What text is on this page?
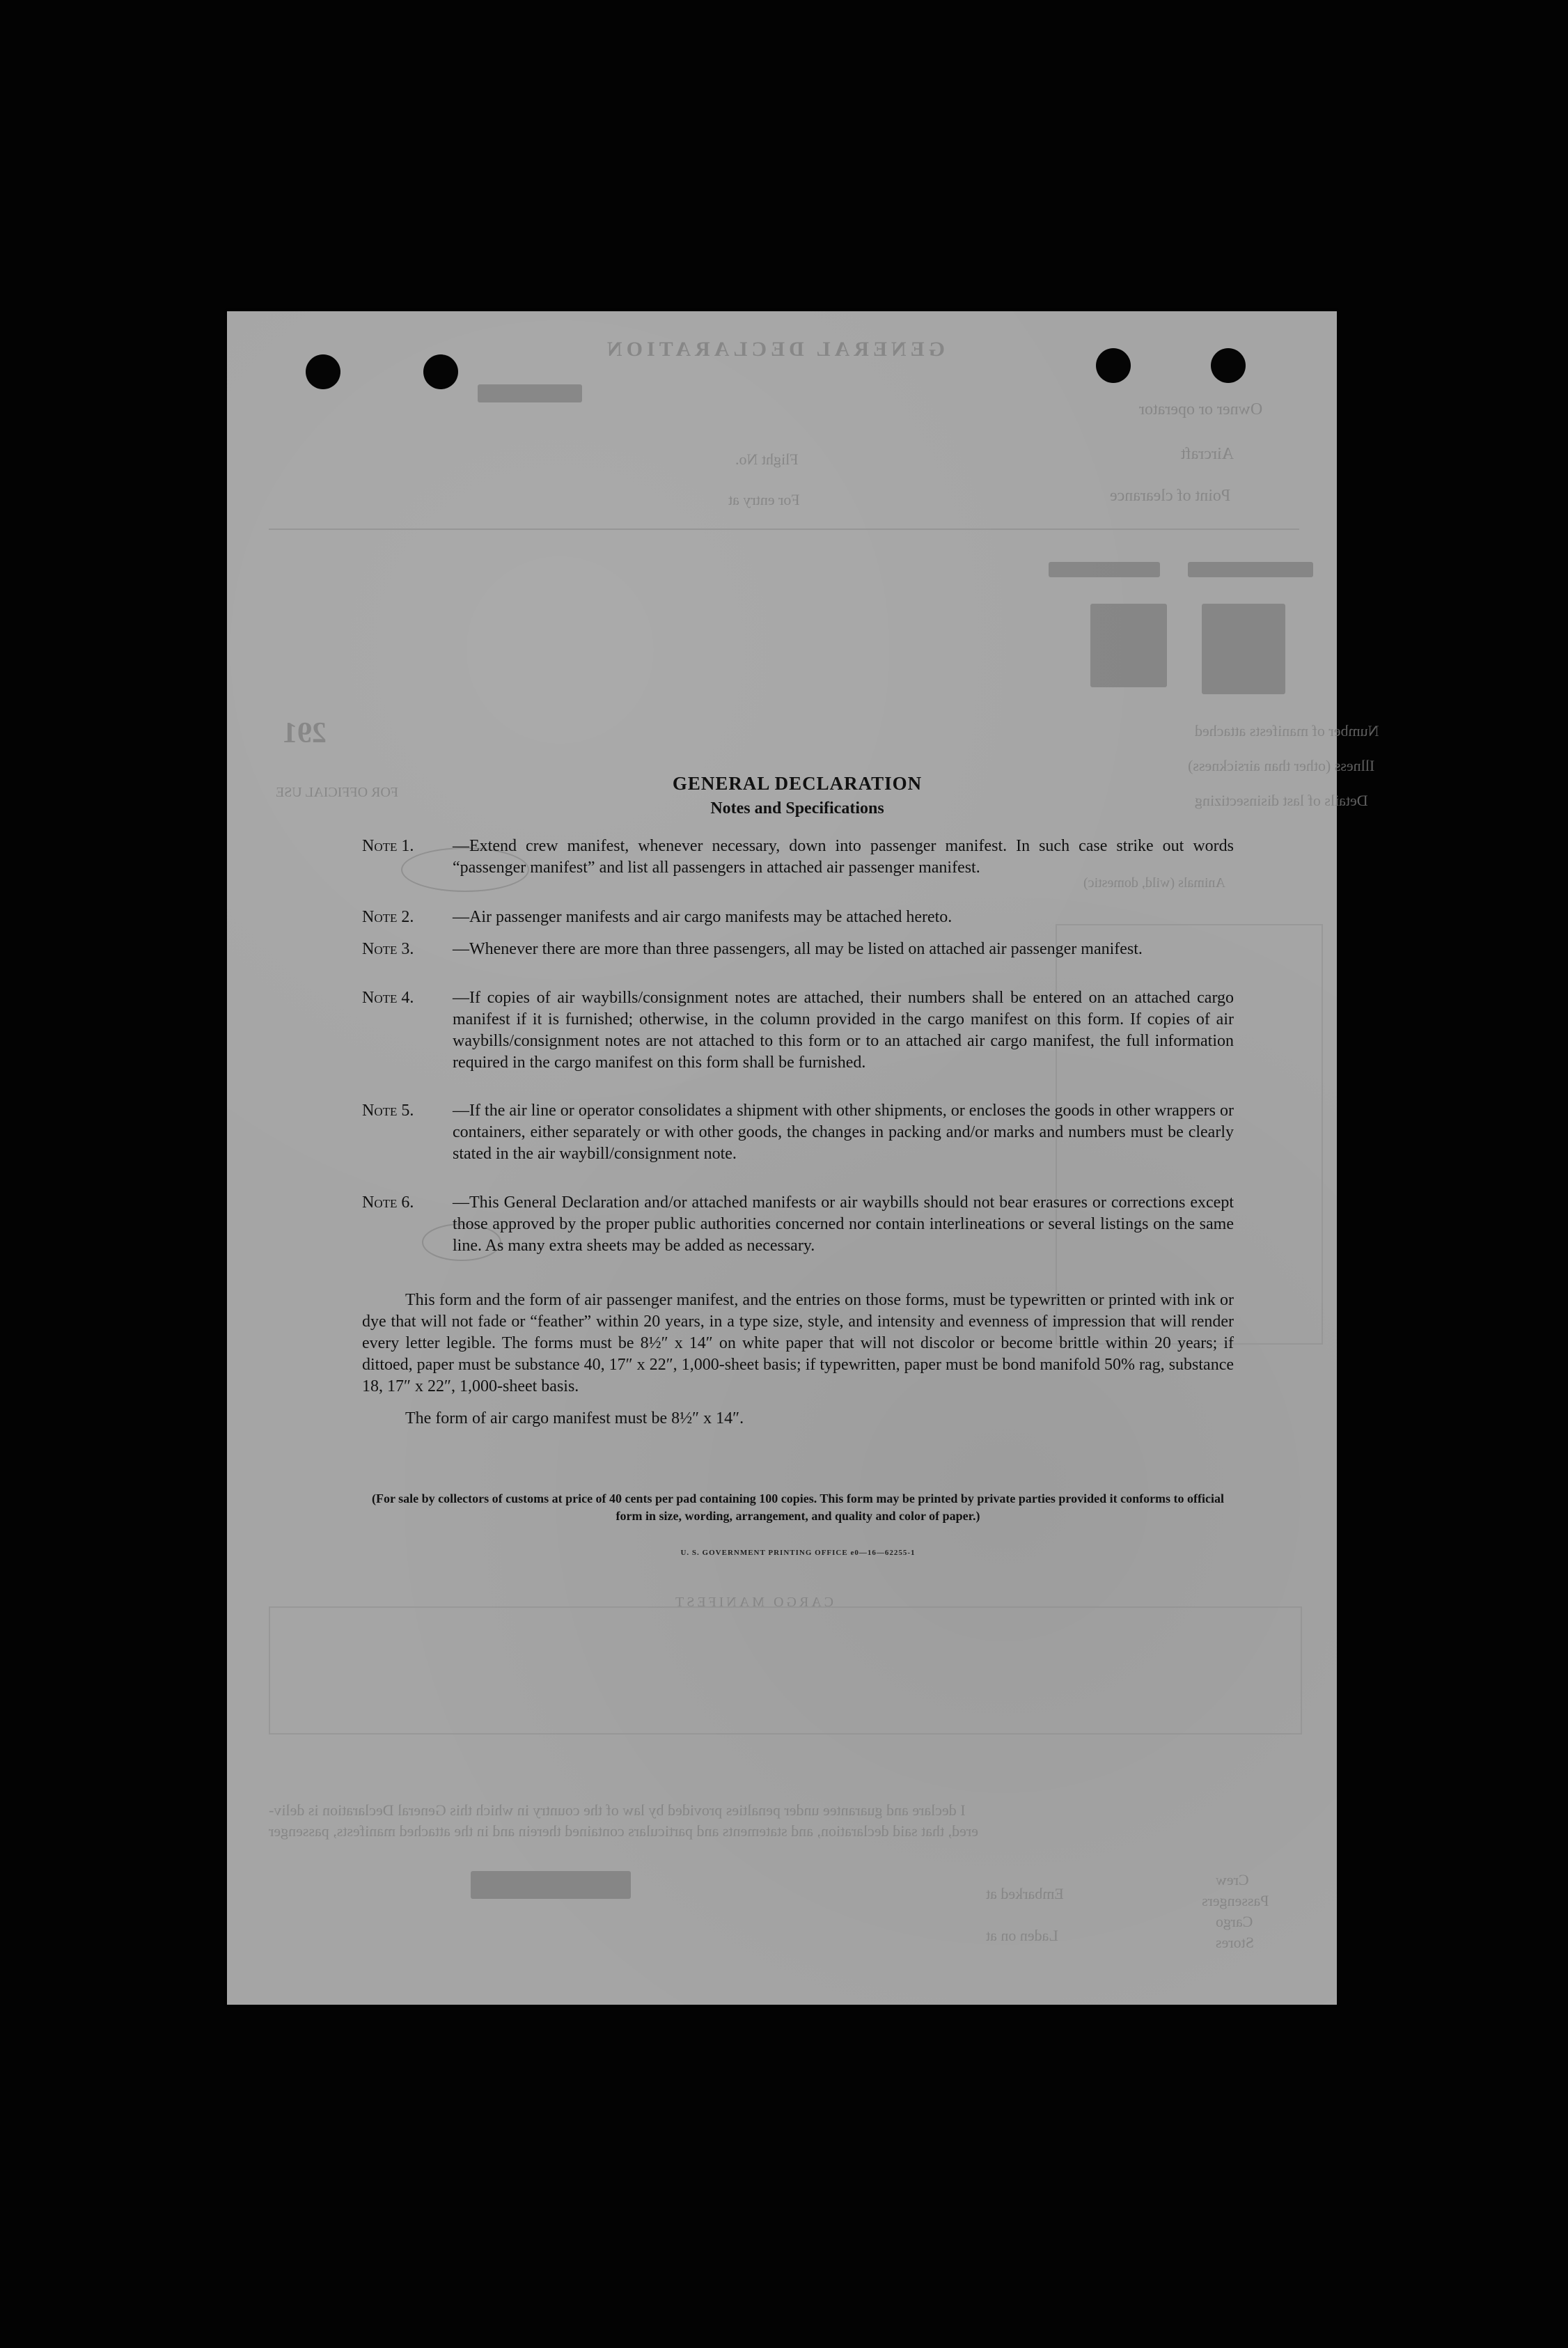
GENERAL DECLARATION
Owner or operator
Aircraft
Point of clearance
Flight No.
For entry at
Number of manifests attached
Illness (other than airsickness)
Details of last disinsectizing
Animals (wild, domestic)
291
FOR OFFICIAL USE
CARGO MANIFEST
I declare and guarantee under penalties provided by law of the country in which this General Declaration is deliv-
ered, that said declaration, and statements and particulars contained therein and in the attached manifests, passenger
Crew
Passengers
Cargo
Stores
Embarked at
Laden on at
GENERAL DECLARATION
Notes and Specifications
Note 1.	—Extend crew manifest, whenever necessary, down into passenger manifest. In such case strike out words “passenger manifest” and list all passengers in attached air passenger manifest.
Note 2.	—Air passenger manifests and air cargo manifests may be attached hereto.
Note 3.	—Whenever there are more than three passengers, all may be listed on attached air passenger manifest.
Note 4.	—If copies of air waybills/consignment notes are attached, their numbers shall be entered on an attached cargo manifest if it is furnished; otherwise, in the column provided in the cargo manifest on this form. If copies of air waybills/consignment notes are not attached to this form or to an attached air cargo manifest, the full information required in the cargo manifest on this form shall be furnished.
Note 5.	—If the air line or operator consolidates a shipment with other shipments, or encloses the goods in other wrappers or containers, either separately or with other goods, the changes in packing and/or marks and numbers must be clearly stated in the air waybill/consignment note.
Note 6.	—This General Declaration and/or attached manifests or air waybills should not bear erasures or corrections except those approved by the proper public authorities concerned nor contain interlineations or several listings on the same line. As many extra sheets may be added as necessary.
This form and the form of air passenger manifest, and the entries on those forms, must be typewritten or printed with ink or dye that will not fade or “feather” within 20 years, in a type size, style, and intensity and evenness of impression that will render every letter legible. The forms must be 8½″ x 14″ on white paper that will not discolor or become brittle within 20 years; if dittoed, paper must be substance 40, 17″ x 22″, 1,000-sheet basis; if typewritten, paper must be bond manifold 50% rag, substance 18, 17″ x 22″, 1,000-sheet basis.
The form of air cargo manifest must be 8½″ x 14″.
(For sale by collectors of customs at price of 40 cents per pad containing 100 copies. This form may be printed by private parties provided it conforms to official form in size, wording, arrangement, and quality and color of paper.)
U. S. GOVERNMENT PRINTING OFFICE e0—16—62255-1
